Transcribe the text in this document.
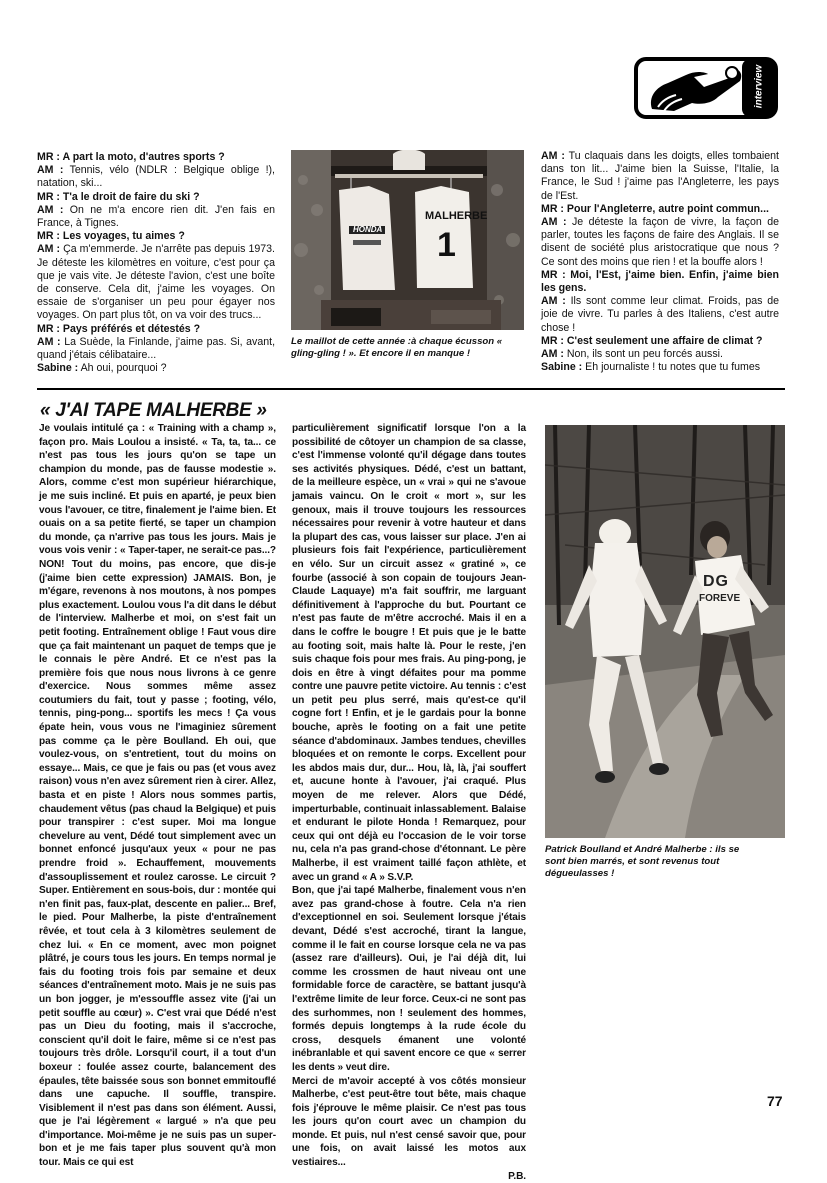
interview

MR : A part la moto, d'autres sports ?

AM : Tennis, vélo (NDLR : Belgique oblige !), natation, ski...

MR : T'a le droit de faire du ski ?

AM : On ne m'a encore rien dit. J'en fais en France, à Tignes.

MR : Les voyages, tu aimes ?

AM : Ça m'emmerde. Je n'arrête pas depuis 1973. Je déteste les kilomètres en voiture, c'est pour ça que je vais vite. Je déteste l'avion, c'est une boîte de conserve. Cela dit, j'aime les voyages. On essaie de s'organiser un peu pour égayer nos voyages. On part plus tôt, on va voir des trucs...

MR : Pays préférés et détestés ?

AM : La Suède, la Finlande, j'aime pas. Si, avant, quand j'étais célibataire...

Sabine : Ah oui, pourquoi ?

MALHERBE
1
HONDA
Le maillot de cette année :à chaque écusson « gling-gling ! ». Et encore il en manque !

AM : Tu claquais dans les doigts, elles tombaient dans ton lit... J'aime bien la Suisse, l'Italie, la France, le Sud ! j'aime pas l'Angleterre, les pays de l'Est.

MR : Pour l'Angleterre, autre point commun...

AM : Je déteste la façon de vivre, la façon de parler, toutes les façons de faire des Anglais. Il se disent de société plus aristocratique que nous ? Ce sont des moins que rien ! et la bouffe alors !

MR : Moi, l'Est, j'aime bien. Enfin, j'aime bien les gens.

AM : Ils sont comme leur climat. Froids, pas de joie de vivre. Tu parles à des Italiens, c'est autre chose !

MR : C'est seulement une affaire de climat ?

AM : Non, ils sont un peu forcés aussi.

Sabine : Eh journaliste ! tu notes que tu fumes

« J'AI TAPE MALHERBE »

Je voulais intitulé ça : « Training with a champ », façon pro. Mais Loulou a insisté. « Ta, ta, ta... ce n'est pas tous les jours qu'on se tape un champion du monde, pas de fausse modestie ». Alors, comme c'est mon supérieur hiérarchique, je me suis incliné. Et puis en aparté, je peux bien vous l'avouer, ce titre, finalement je l'aime bien. Et ouais on a sa petite fierté, se taper un champion du monde, ça n'arrive pas tous les jours. Mais je vous vois venir : « Taper-taper, ne serait-ce pas...? NON! Tout du moins, pas encore, que dis-je (j'aime bien cette expression) JAMAIS. Bon, je m'égare, revenons à nos moutons, à nos pompes plus exactement. Loulou vous l'a dit dans le début de l'interview. Malherbe et moi, on s'est fait un petit footing. Entraînement oblige ! Faut vous dire que ça fait maintenant un paquet de temps que je le connais le père André. Et ce n'est pas la première fois que nous nous livrons à ce genre d'exercice. Nous sommes même assez coutumiers du fait, tout y passe ; footing, vélo, tennis, ping-pong... sportifs les mecs ! Ça vous épate hein, vous vous ne l'imaginiez sûrement pas comme ça le père Boulland. Eh oui, que voulez-vous, on s'entretient, tout du moins on essaye... Mais, ce que je fais ou pas (et vous avez raison) vous n'en avez sûrement rien à cirer. Allez, basta et en piste ! Alors nous sommes partis, chaudement vêtus (pas chaud la Belgique) et puis pour transpirer : c'est super. Moi ma longue chevelure au vent, Dédé tout simplement avec un bonnet enfoncé jusqu'aux yeux « pour ne pas prendre froid ». Echauffement, mouvements d'assouplissement et roulez carosse. Le circuit ? Super. Entièrement en sous-bois, dur : montée qui n'en finit pas, faux-plat, descente en palier... Bref, le pied. Pour Malherbe, la piste d'entraînement rêvée, et tout cela à 3 kilomètres seulement de chez lui. « En ce moment, avec mon poignet plâtré, je cours tous les jours. En temps normal je fais du footing trois fois par semaine et deux séances d'entraînement moto. Mais je ne suis pas un bon jogger, je m'essouffle assez vite (j'ai un petit souffle au cœur) ». C'est vrai que Dédé n'est pas un Dieu du footing, mais il s'accroche, conscient qu'il doit le faire, même si ce n'est pas toujours très drôle. Lorsqu'il court, il a tout d'un boxeur : foulée assez courte, balancement des épaules, tête baissée sous son bonnet emmitouflé dans une capuche. Il souffle, transpire. Visiblement il n'est pas dans son élément. Aussi, que je l'ai légèrement « largué » n'a que peu d'importance. Moi-même je ne suis pas un super-bon et je me fais taper plus souvent qu'à mon tour. Mais ce qui est

particulièrement significatif lorsque l'on a la possibilité de côtoyer un champion de sa classe, c'est l'immense volonté qu'il dégage dans toutes ses activités physiques. Dédé, c'est un battant, de la meilleure espèce, un « vrai » qui ne s'avoue jamais vaincu. On le croit « mort », sur les genoux, mais il trouve toujours les ressources nécessaires pour revenir à votre hauteur et dans la plupart des cas, vous laisser sur place. J'en ai plusieurs fois fait l'expérience, particulièrement en vélo. Sur un circuit assez « gratiné », ce fourbe (associé à son copain de toujours Jean-Claude Laquaye) m'a fait souffrir, me larguant définitivement à l'approche du but. Pourtant ce n'est pas faute de m'être accroché. Mais il en a dans le coffre le bougre ! Et puis que je le batte au footing soit, mais halte là. Pour le reste, j'en suis chaque fois pour mes frais. Au ping-pong, je dois en être à vingt défaites pour ma pomme contre une pauvre petite victoire. Au tennis : c'est un petit peu plus serré, mais qu'est-ce qu'il cogne fort ! Enfin, et je le gardais pour la bonne bouche, après le footing on a fait une petite séance d'abdominaux. Jambes tendues, chevilles bloquées et on remonte le corps. Excellent pour les abdos mais dur, dur... Hou, là, là, j'ai souffert et, aucune honte à l'avouer, j'ai craqué. Plus moyen de me relever. Alors que Dédé, imperturbable, continuait inlassablement. Balaise et endurant le pilote Honda ! Remarquez, pour ceux qui ont déjà eu l'occasion de le voir torse nu, cela n'a pas grand-chose d'étonnant. Le père Malherbe, il est vraiment taillé façon athlète, et avec un grand « A » S.V.P.

Bon, que j'ai tapé Malherbe, finalement vous n'en avez pas grand-chose à foutre. Cela n'a rien d'exceptionnel en soi. Seulement lorsque j'étais devant, Dédé s'est accroché, tirant la langue, comme il le fait en course lorsque cela ne va pas (assez rare d'ailleurs). Oui, je l'ai déjà dit, lui comme les crossmen de haut niveau ont une formidable force de caractère, se battant jusqu'à l'extrême limite de leur force. Ceux-ci ne sont pas des surhommes, non ! seulement des hommes, formés depuis longtemps à la rude école du cross, desquels émanent une volonté inébranlable et qui savent encore ce que « serrer les dents » veut dire.

Merci de m'avoir accepté à vos côtés monsieur Malherbe, c'est peut-être tout bête, mais chaque fois j'éprouve le même plaisir. Ce n'est pas tous les jours qu'on court avec un champion du monde. Et puis, nul n'est censé savoir que, pour une fois, on avait laissé les motos aux vestiaires...

P.B.

DG
FOREVE
Patrick Boulland et André Malherbe : ils se sont bien marrés, et sont revenus tout dégueulasses !
77
